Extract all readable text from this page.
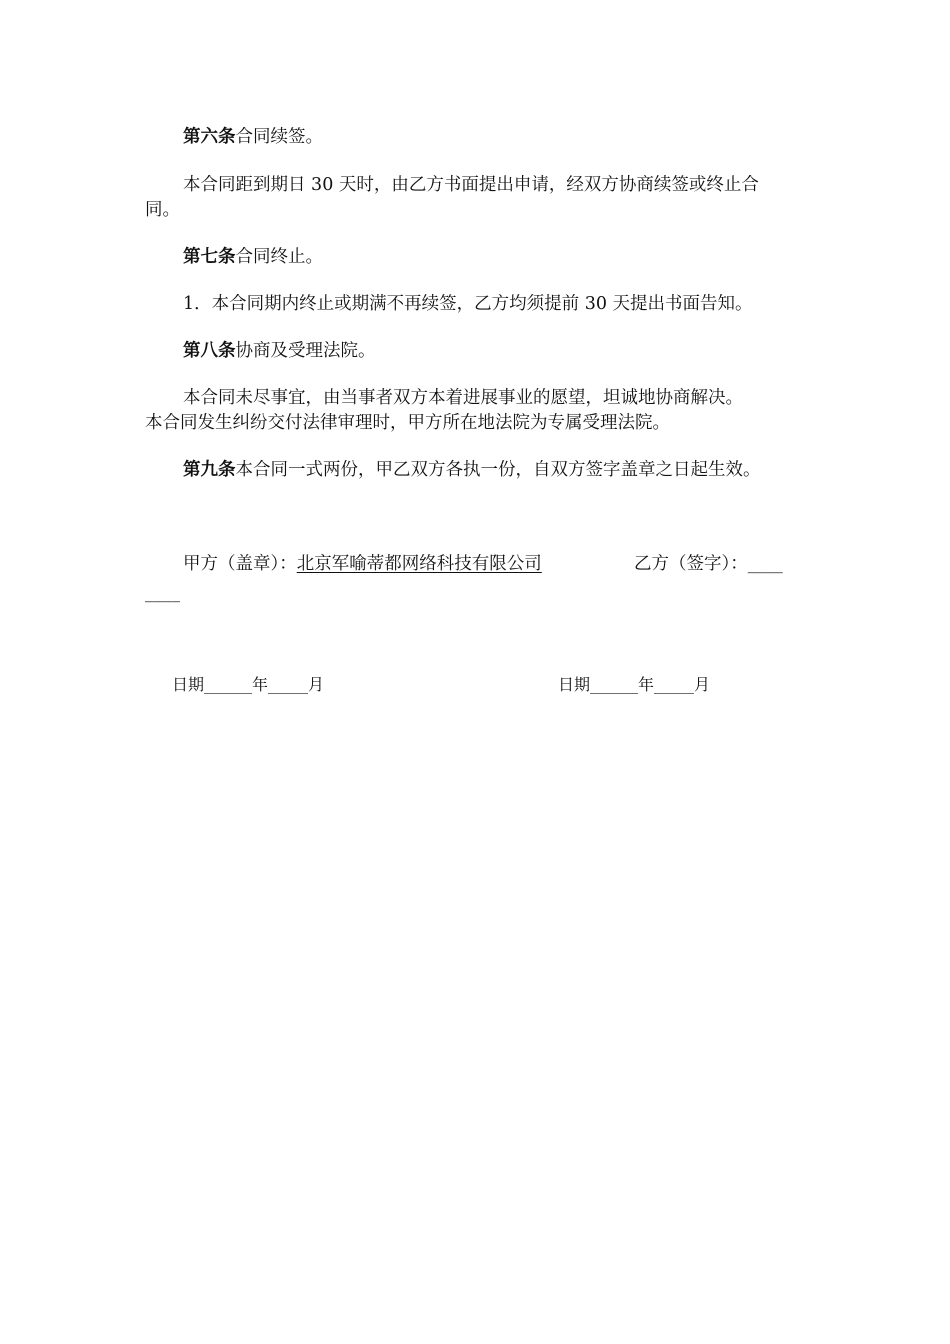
第六条合同续签。
本合同距到期日 30 天时，由乙方书面提出申请，经双方协商续签或终止合
同。
第七条合同终止。
1．本合同期内终止或期满不再续签，乙方均须提前 30 天提出书面告知。
第八条协商及受理法院。
本合同未尽事宜，由当事者双方本着进展事业的愿望，坦诚地协商解决。
本合同发生纠纷交付法律审理时，甲方所在地法院为专属受理法院。
第九条本合同一式两份，甲乙双方各执一份，自双方签字盖章之日起生效。
甲方（盖章）：北京军喻蒂都网络科技有限公司	乙方（签字）：____
____
日期______年_____月	日期______年_____月
